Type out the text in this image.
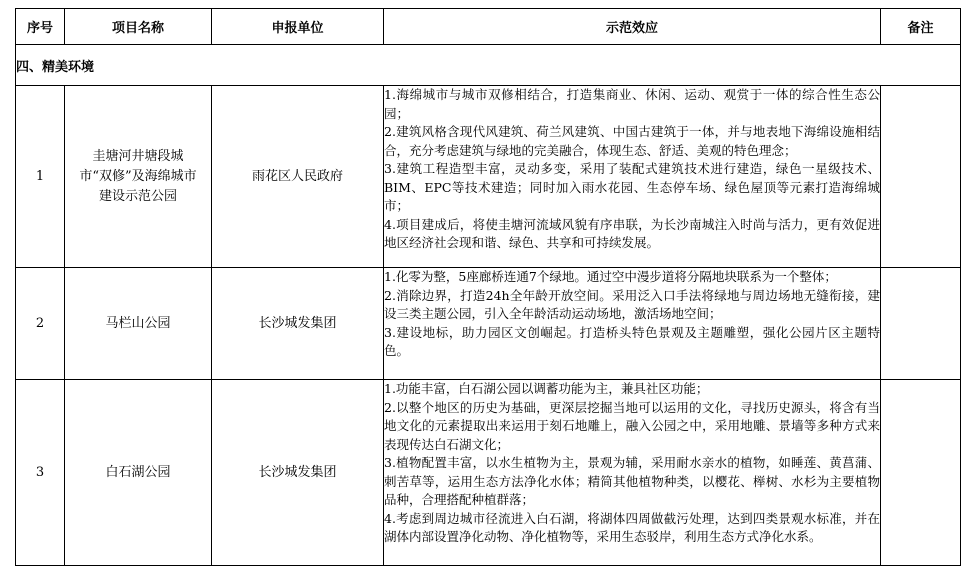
序号	项目名称	申报单位	示范效应	备注
四、精美环境				
1	圭塘河井塘段城市“双修”及海绵城市建设示范公园	雨花区人民政府	1.海绵城市与城市双修相结合，打造集商业、休闲、运动、观赏于一体的综合性生态公园；
2.建筑风格含现代风建筑、荷兰风建筑、中国古建筑于一体，并与地表地下海绵设施相结合，充分考虑建筑与绿地的完美融合，体现生态、舒适、美观的特色理念；
3.建筑工程造型丰富，灵动多变，采用了装配式建筑技术进行建造，绿色一星级技术、BIM、EPC等技术建造；同时加入雨水花园、生态停车场、绿色屋顶等元素打造海绵城市；
4.项目建成后，将使圭塘河流域风貌有序串联，为长沙南城注入时尚与活力，更有效促进地区经济社会现和谐、绿色、共享和可持续发展。	

2	马栏山公园	长沙城发集团	1.化零为整，5座廊桥连通7个绿地。通过空中漫步道将分隔地块联系为一个整体；
2.消除边界，打造24h全年龄开放空间。采用泛入口手法将绿地与周边场地无缝衔接，建设三类主题公园，引入全年龄活动运动场地，激活场地空间；
3.建设地标，助力园区文创崛起。打造桥头特色景观及主题雕塑，强化公园片区主题特色。	

3	白石湖公园	长沙城发集团	1.功能丰富，白石湖公园以调蓄功能为主，兼具社区功能；
2.以整个地区的历史为基础，更深层挖掘当地可以运用的文化，寻找历史源头，将含有当地文化的元素提取出来运用于刻石地雕上，融入公园之中，采用地雕、景墙等多种方式来表现传达白石湖文化；
3.植物配置丰富，以水生植物为主，景观为辅，采用耐水亲水的植物，如睡莲、黄菖蒲、刺苦草等，运用生态方法净化水体；精简其他植物种类，以樱花、榉树、水杉为主要植物品种，合理搭配种植群落；
4.考虑到周边城市径流进入白石湖，将湖体四周做截污处理，达到四类景观水标准，并在湖体内部设置净化动物、净化植物等，采用生态驳岸，利用生态方式净化水系。	
